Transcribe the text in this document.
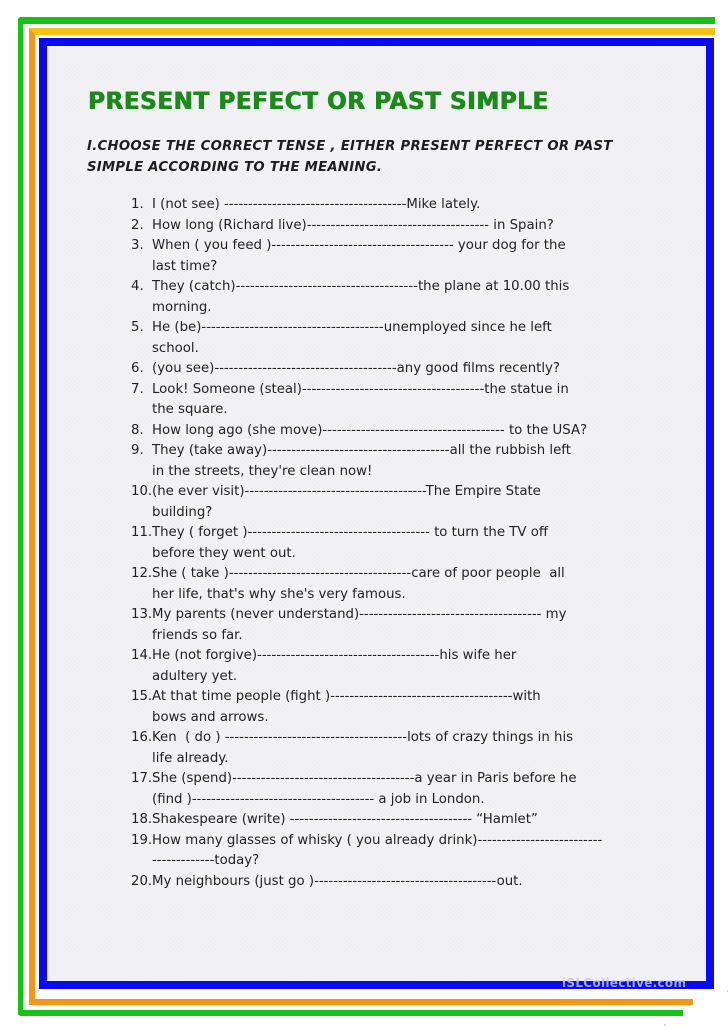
PRESENT PEFECT OR PAST SIMPLE

I.CHOOSE THE CORRECT TENSE , EITHER PRESENT PERFECT OR PAST
SIMPLE ACCORDING TO THE MEANING.

1. I (not see) --------------------------------------Mike lately.
2. How long (Richard live)-------------------------------------- in Spain?
3. When ( you feed )-------------------------------------- your dog for the
last time?
4. They (catch)--------------------------------------the plane at 10.00 this
morning.
5. He (be)--------------------------------------unemployed since he left
school.
6. (you see)--------------------------------------any good films recently?
7. Look! Someone (steal)--------------------------------------the statue in
the square.
8. How long ago (she move)-------------------------------------- to the USA?
9. They (take away)--------------------------------------all the rubbish left
in the streets, they're clean now!
10. (he ever visit)--------------------------------------The Empire State
building?
11. They ( forget )-------------------------------------- to turn the TV off
before they went out.
12. She ( take )--------------------------------------care of poor people  all
her life, that's why she's very famous.
13. My parents (never understand)-------------------------------------- my
friends so far.
14. He (not forgive)--------------------------------------his wife her
adultery yet.
15. At that time people (fight )--------------------------------------with
bows and arrows.
16. Ken  ( do ) --------------------------------------lots of crazy things in his
life already.
17. She (spend)--------------------------------------a year in Paris before he
(find )-------------------------------------- a job in London.
18. Shakespeare (write) -------------------------------------- “Hamlet”
19. How many glasses of whisky ( you already drink)--------------------------
-------------today?
20. My neighbours (just go )--------------------------------------out.
iSLCollective.com
